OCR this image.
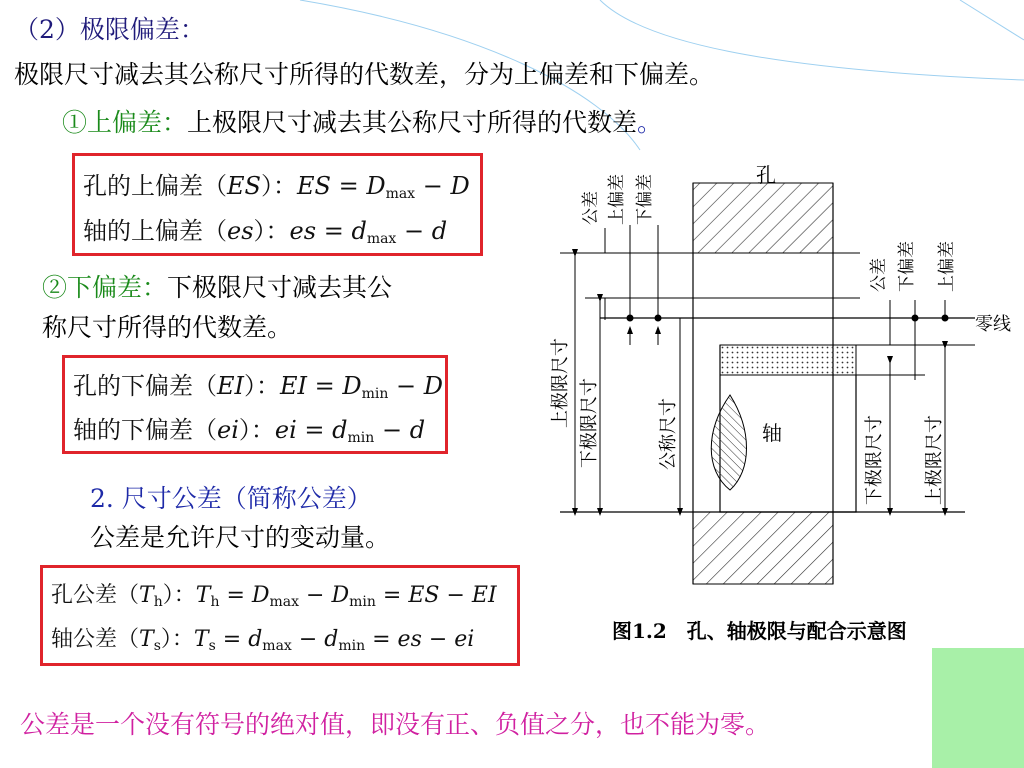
（2）极限偏差：
极限尺寸减去其公称尺寸所得的代数差，分为上偏差和下偏差。
①上偏差：上极限尺寸减去其公称尺寸所得的代数差。
孔的上偏差（ES）：ES = $D_{max} - D$
轴的上偏差（es）：es = $d_{max} - d$
②下偏差：下极限尺寸减去其公
称尺寸所得的代数差。
孔的下偏差（EI）：EI = $D_{min} - D$
轴的下偏差（ei）：ei = $d_{min} - d$
2. 尺寸公差（简称公差）
公差是允许尺寸的变动量。
孔公差$(T_h)$：$T_h = D_{max} - D_{min}$ = ES − EI
轴公差$(T_s)$：$T_s = d_{max} - d_{min}$ = es − ei
孔
轴
零线
公差 上偏差 下偏差
公差 下偏差 上偏差
上极限尺寸 下极限尺寸	公称尺寸	下极限尺寸 上极限尺寸
图1.2　孔、轴极限与配合示意图
公差是一个没有符号的绝对值，即没有正、负值之分，也不能为零。
